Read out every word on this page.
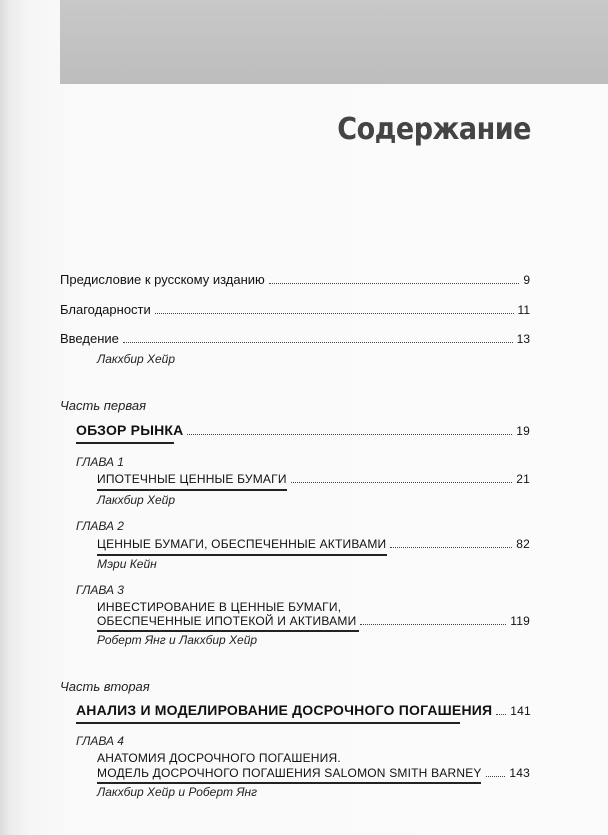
Содержание
Предисловие к русскому изданию	9
Благодарности	11
Введение	13
Лакхбир Хейр
Часть первая
ОБЗОР РЫНКА	19
ГЛАВА 1
ИПОТЕЧНЫЕ ЦЕННЫЕ БУМАГИ	21
Лакхбир Хейр
ГЛАВА 2
ЦЕННЫЕ БУМАГИ, ОБЕСПЕЧЕННЫЕ АКТИВАМИ	82
Мэри Кейн
ГЛАВА 3
ИНВЕСТИРОВАНИЕ В ЦЕННЫЕ БУМАГИ,
ОБЕСПЕЧЕННЫЕ ИПОТЕКОЙ И АКТИВАМИ	119
Роберт Янг и Лакхбир Хейр
Часть вторая
АНАЛИЗ И МОДЕЛИРОВАНИЕ ДОСРОЧНОГО ПОГАШЕНИЯ 141
ГЛАВА 4
АНАТОМИЯ ДОСРОЧНОГО ПОГАШЕНИЯ.
МОДЕЛЬ ДОСРОЧНОГО ПОГАШЕНИЯ SALOMON SMITH BARNEY 143
Лакхбир Хейр и Роберт Янг
